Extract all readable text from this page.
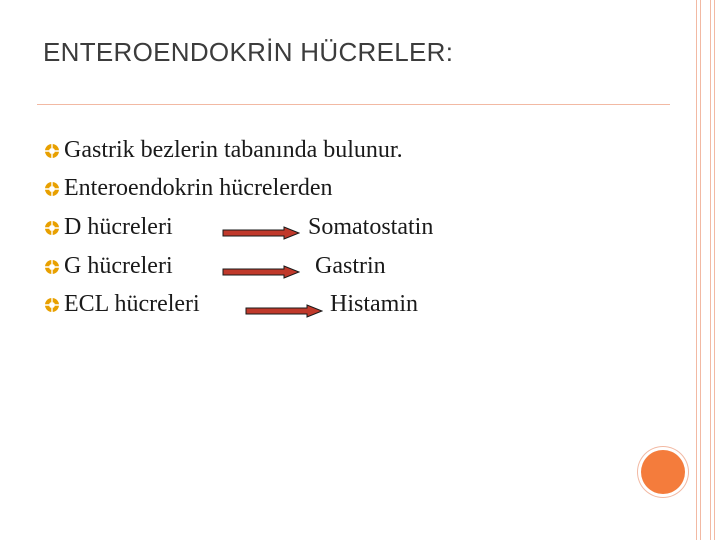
ENTEROENDOKRİN HÜCRELER:
Gastrik bezlerin tabanında bulunur.
Enteroendokrin hücrelerden
D hücreleri	Somatostatin
G hücreleri	Gastrin
ECL hücreleri	Histamin
